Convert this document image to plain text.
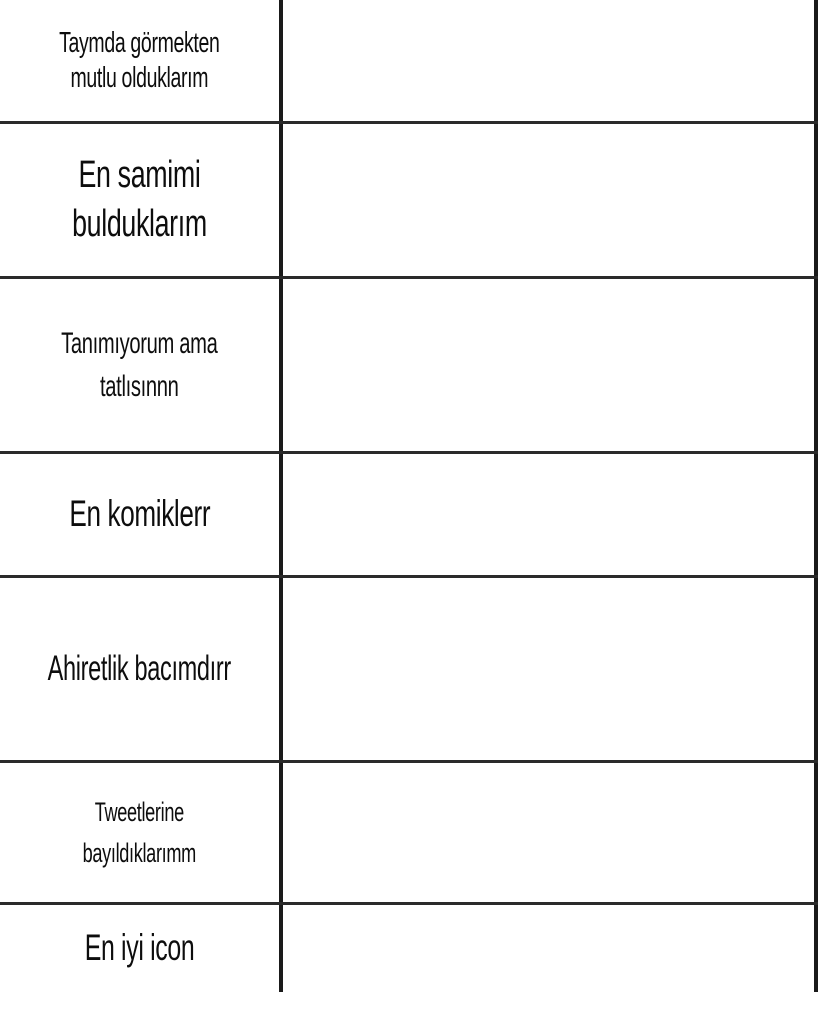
Taymda görmekten
mutlu olduklarım
En samimi
bulduklarım
Tanımıyorum ama
tatlısınnn
En komiklerr
Ahiretlik bacımdırr
Tweetlerine
bayıldıklarımm
En iyi icon
